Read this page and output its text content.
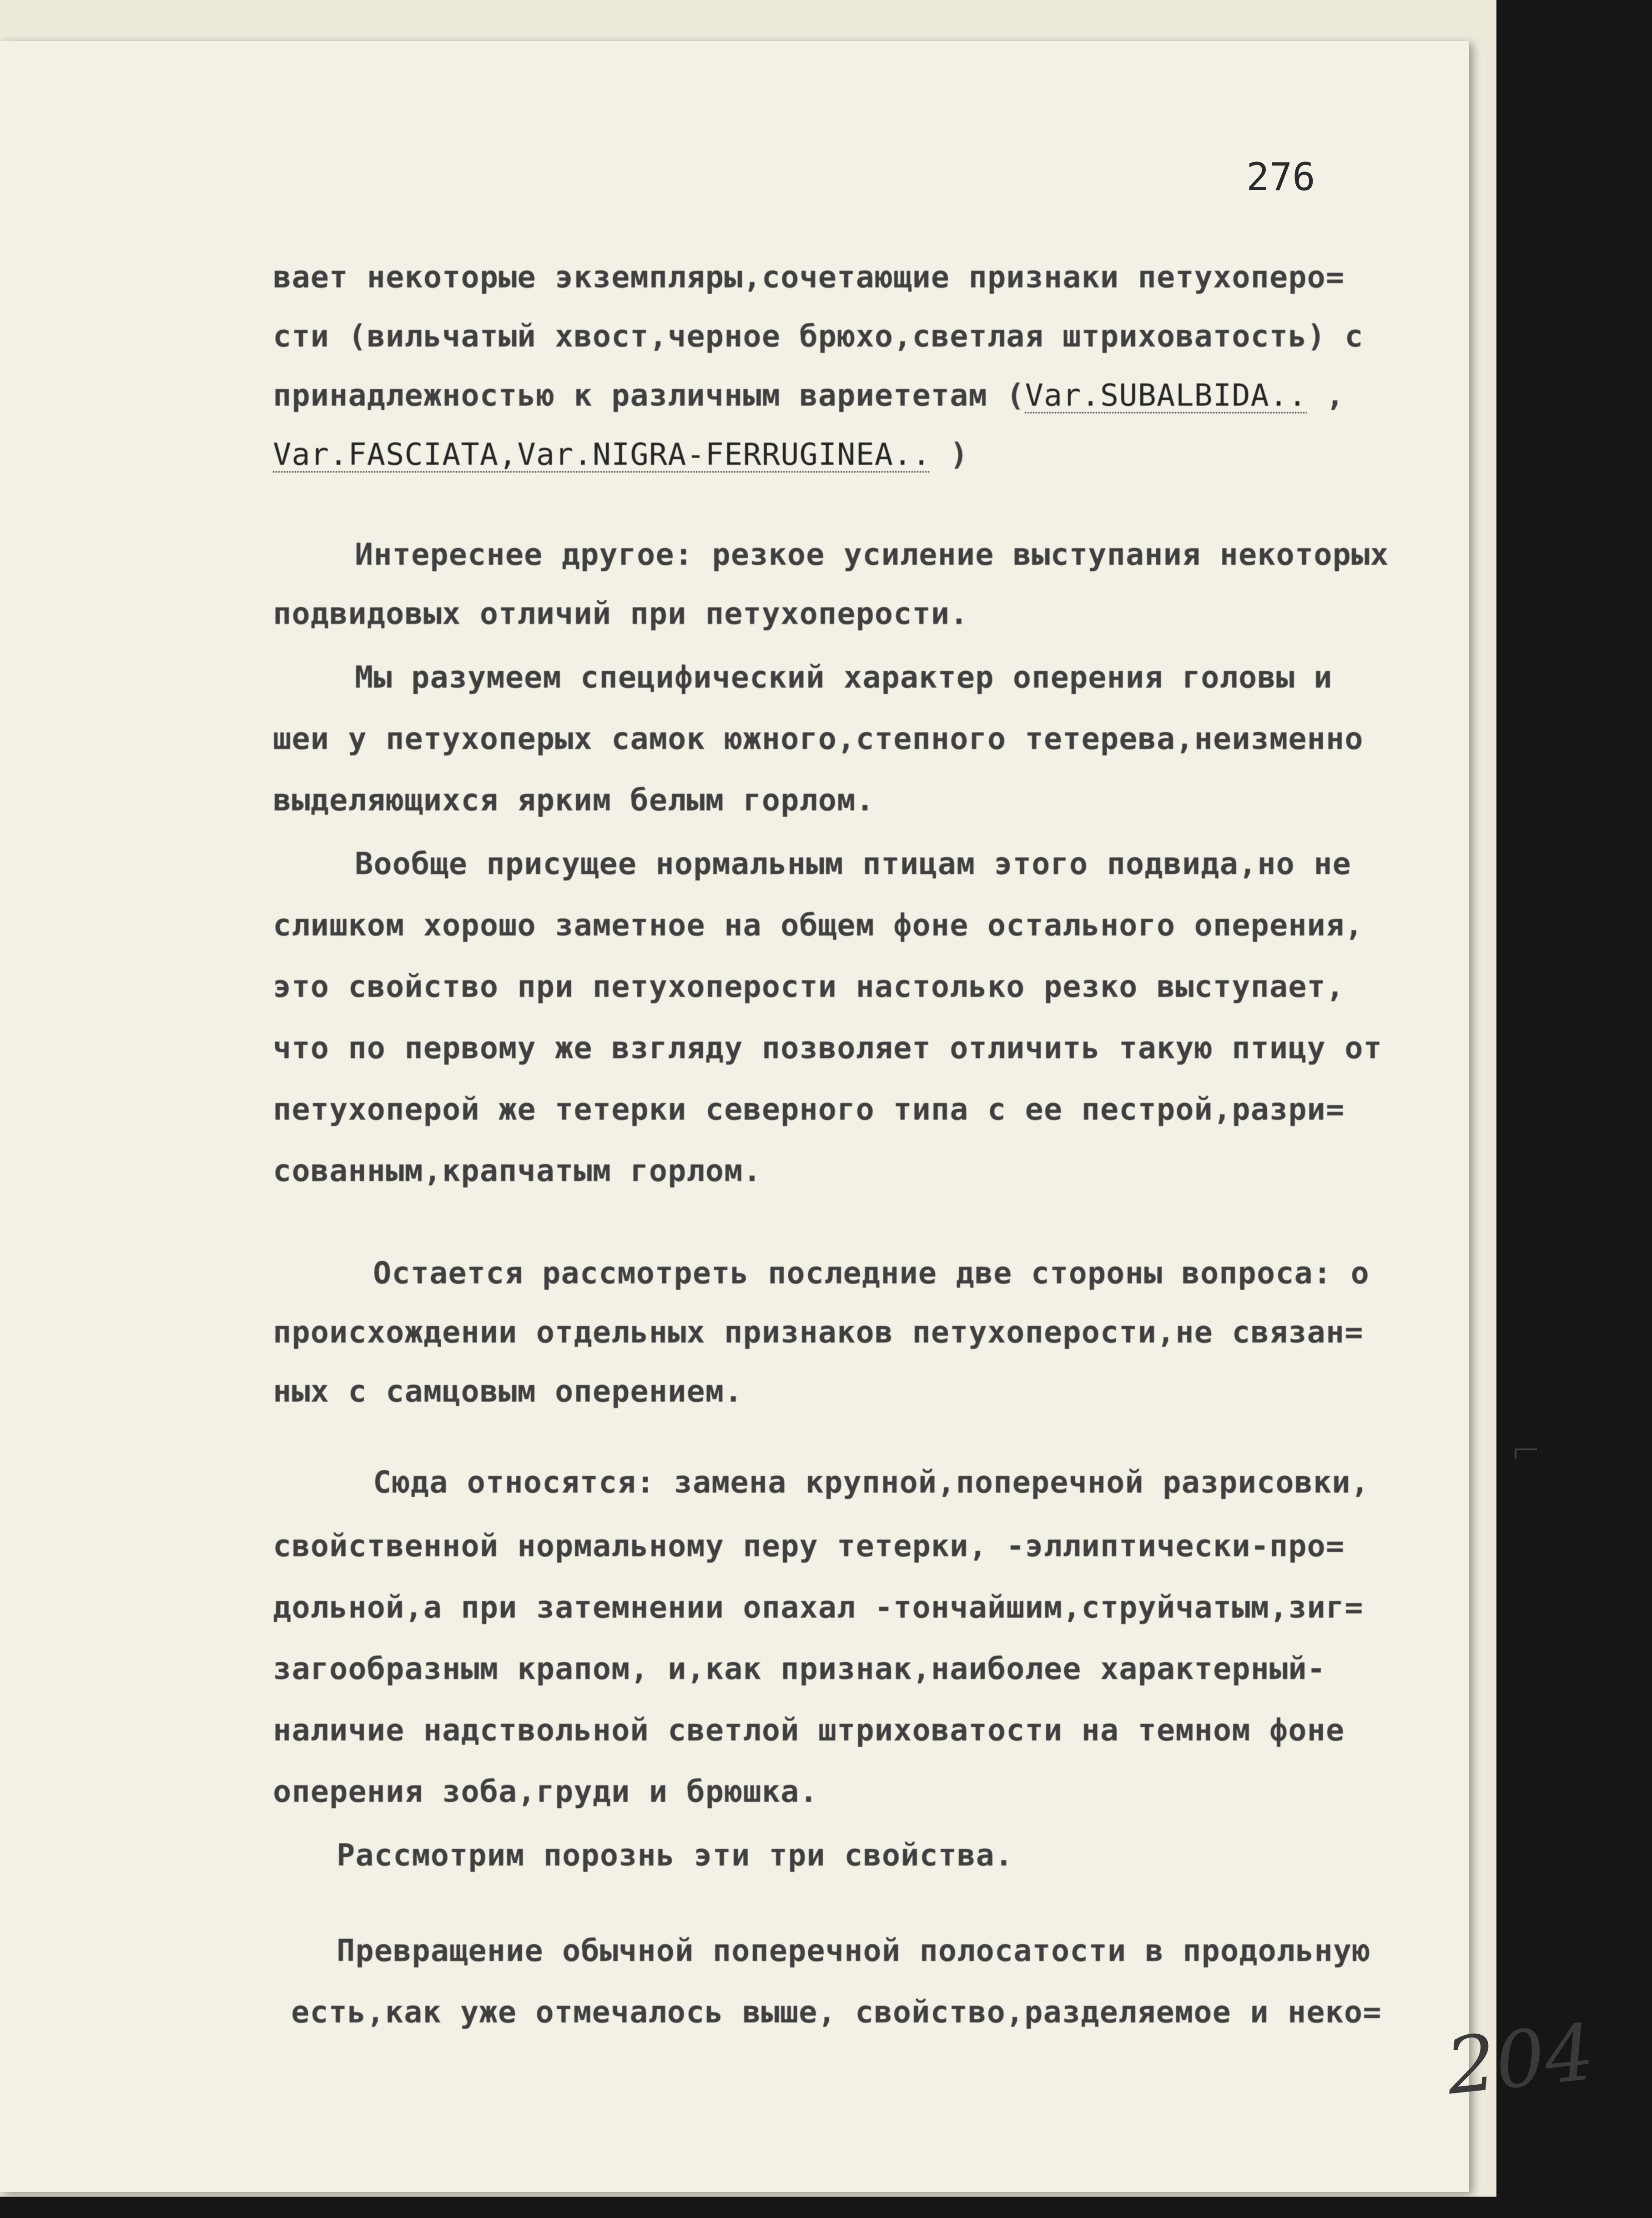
276
вает некоторые экземпляры,сочетающие признаки петухоперо=
сти (вильчатый хвост,черное брюхо,светлая штриховатость) с
принадлежностью к различным вариететам (Var.SUBALBIDA.. ,
Var.FASCIATA,Var.NIGRA-FERRUGINEA.. )
Интереснее другое: резкое усиление выступания некоторых
подвидовых отличий при петухоперости.
Мы разумеем специфический характер оперения головы и
шеи у петухоперых самок южного,степного тетерева,неизменно
выделяющихся ярким белым горлом.
Вообще присущее нормальным птицам этого подвида,но не
слишком хорошо заметное на общем фоне остального оперения,
это свойство при петухоперости настолько резко выступает,
что по первому же взгляду позволяет отличить такую птицу от
петухоперой же тетерки северного типа с ее пестрой,разри=
сованным,крапчатым горлом.
Остается рассмотреть последние две стороны вопроса: о
происхождении отдельных признаков петухоперости,не связан=
ных с самцовым оперением.
Сюда относятся: замена крупной,поперечной разрисовки,
свойственной нормальному перу тетерки, -эллиптически-про=
дольной,а при затемнении опахал -тончайшим,струйчатым,зиг=
загообразным крапом, и,как признак,наиболее характерный-
наличие надствольной светлой штриховатости на темном фоне
оперения зоба,груди и брюшка.
Рассмотрим порознь эти три свойства.
Превращение обычной поперечной полосатости в продольную
есть,как уже отмечалось выше, свойство,разделяемое и неко= 204
